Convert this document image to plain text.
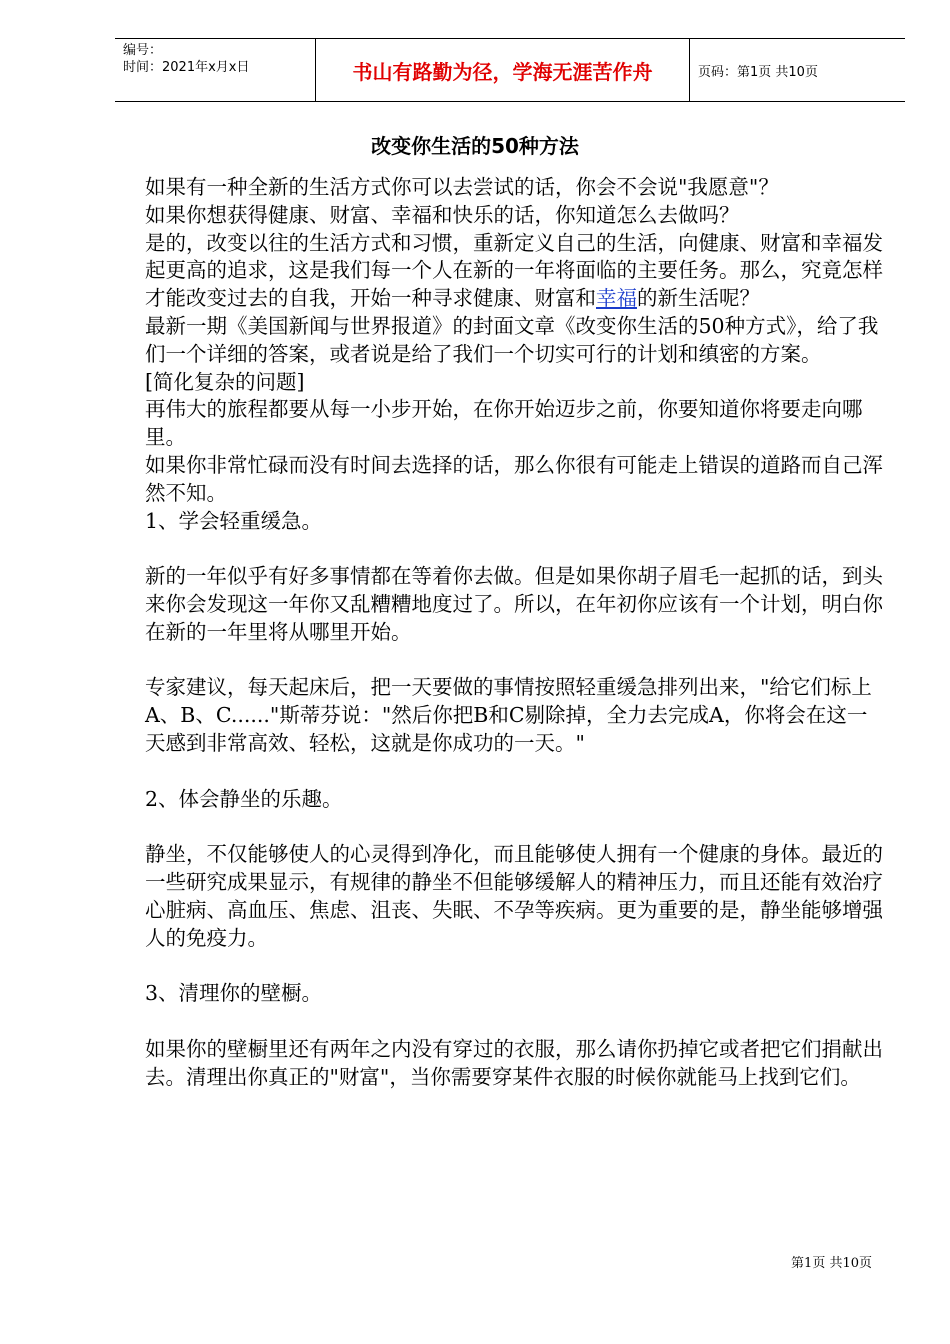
编号：
时间：2021年x月x日	书山有路勤为径，学海无涯苦作舟	页码：第1页 共10页
改变你生活的50种方法

如果有一种全新的生活方式你可以去尝试的话，你会不会说"我愿意"？

如果你想获得健康、财富、幸福和快乐的话，你知道怎么去做吗？

是的，改变以往的生活方式和习惯，重新定义自己的生活，向健康、财富和幸福发起更高的追求，这是我们每一个人在新的一年将面临的主要任务。那么，究竟怎样才能改变过去的自我，开始一种寻求健康、财富和幸福的新生活呢？

最新一期《美国新闻与世界报道》的封面文章《改变你生活的50种方式》，给了我们一个详细的答案，或者说是给了我们一个切实可行的计划和缜密的方案。

[简化复杂的问题]

再伟大的旅程都要从每一小步开始，在你开始迈步之前，你要知道你将要走向哪里。

如果你非常忙碌而没有时间去选择的话，那么你很有可能走上错误的道路而自己浑然不知。

1、学会轻重缓急。

新的一年似乎有好多事情都在等着你去做。但是如果你胡子眉毛一起抓的话，到头来你会发现这一年你又乱糟糟地度过了。所以，在年初你应该有一个计划，明白你在新的一年里将从哪里开始。

专家建议，每天起床后，把一天要做的事情按照轻重缓急排列出来，"给它们标上A、B、C......"斯蒂芬说："然后你把B和C剔除掉，全力去完成A，你将会在这一天感到非常高效、轻松，这就是你成功的一天。"

2、体会静坐的乐趣。

静坐，不仅能够使人的心灵得到净化，而且能够使人拥有一个健康的身体。最近的一些研究成果显示，有规律的静坐不但能够缓解人的精神压力，而且还能有效治疗心脏病、高血压、焦虑、沮丧、失眠、不孕等疾病。更为重要的是，静坐能够增强人的免疫力。

3、清理你的壁橱。

如果你的壁橱里还有两年之内没有穿过的衣服，那么请你扔掉它或者把它们捐献出去。清理出你真正的"财富"，当你需要穿某件衣服的时候你就能马上找到它们。

第1页 共10页
